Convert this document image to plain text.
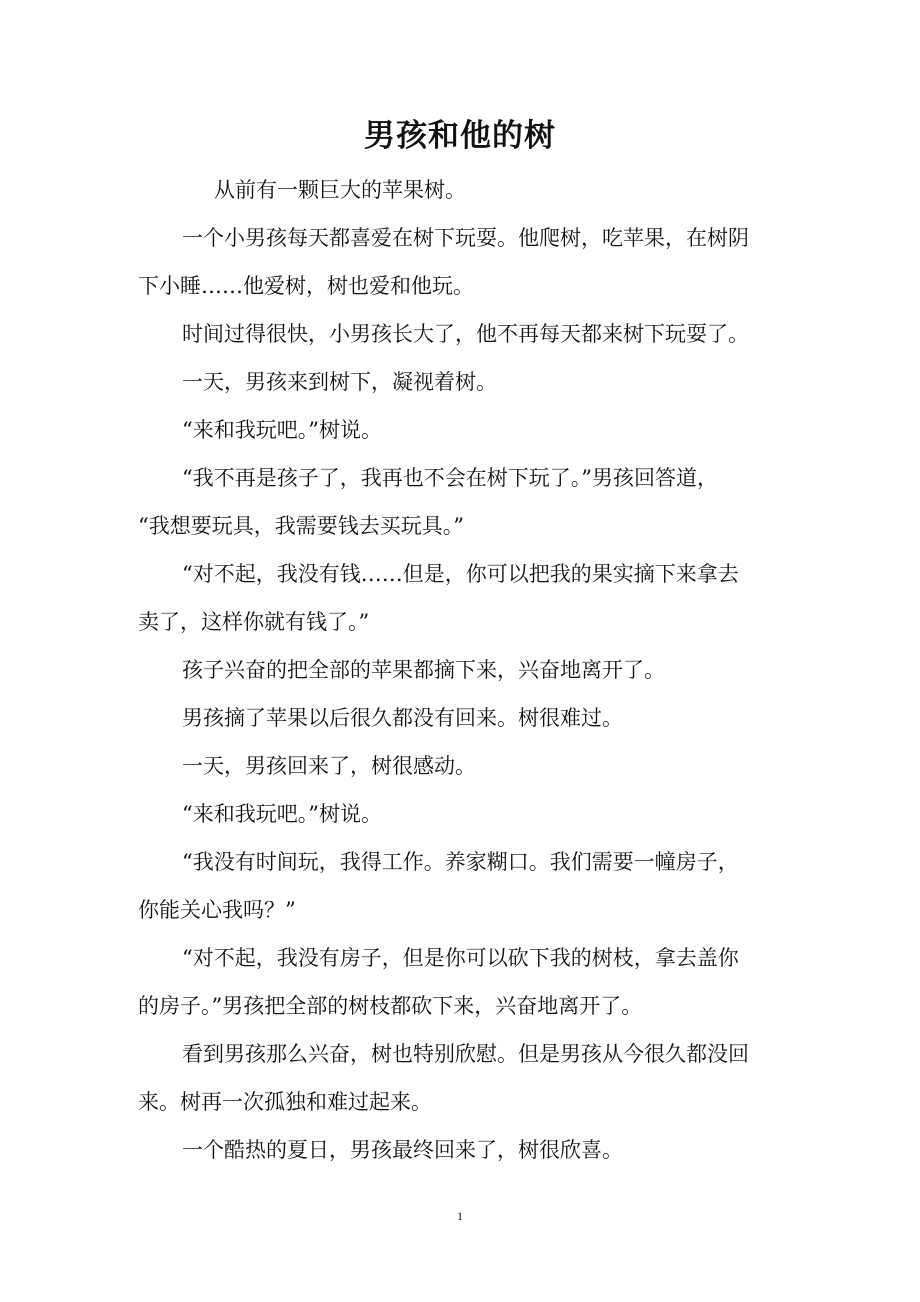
男孩和他的树

从前有一颗巨大的苹果树。

一个小男孩每天都喜爱在树下玩耍。他爬树，吃苹果，在树阴

下小睡……他爱树，树也爱和他玩。

时间过得很快，小男孩长大了，他不再每天都来树下玩耍了。

一天，男孩来到树下，凝视着树。

“来和我玩吧。”树说。

“我不再是孩子了，我再也不会在树下玩了。”男孩回答道，

“我想要玩具，我需要钱去买玩具。”

“对不起，我没有钱……但是，你可以把我的果实摘下来拿去

卖了，这样你就有钱了。”

孩子兴奋的把全部的苹果都摘下来，兴奋地离开了。

男孩摘了苹果以后很久都没有回来。树很难过。

一天，男孩回来了，树很感动。

“来和我玩吧。”树说。

“我没有时间玩，我得工作。养家糊口。我们需要一幢房子，

你能关心我吗？”

“对不起，我没有房子，但是你可以砍下我的树枝，拿去盖你

的房子。”男孩把全部的树枝都砍下来，兴奋地离开了。

看到男孩那么兴奋，树也特别欣慰。但是男孩从今很久都没回

来。树再一次孤独和难过起来。

一个酷热的夏日，男孩最终回来了，树很欣喜。

1
